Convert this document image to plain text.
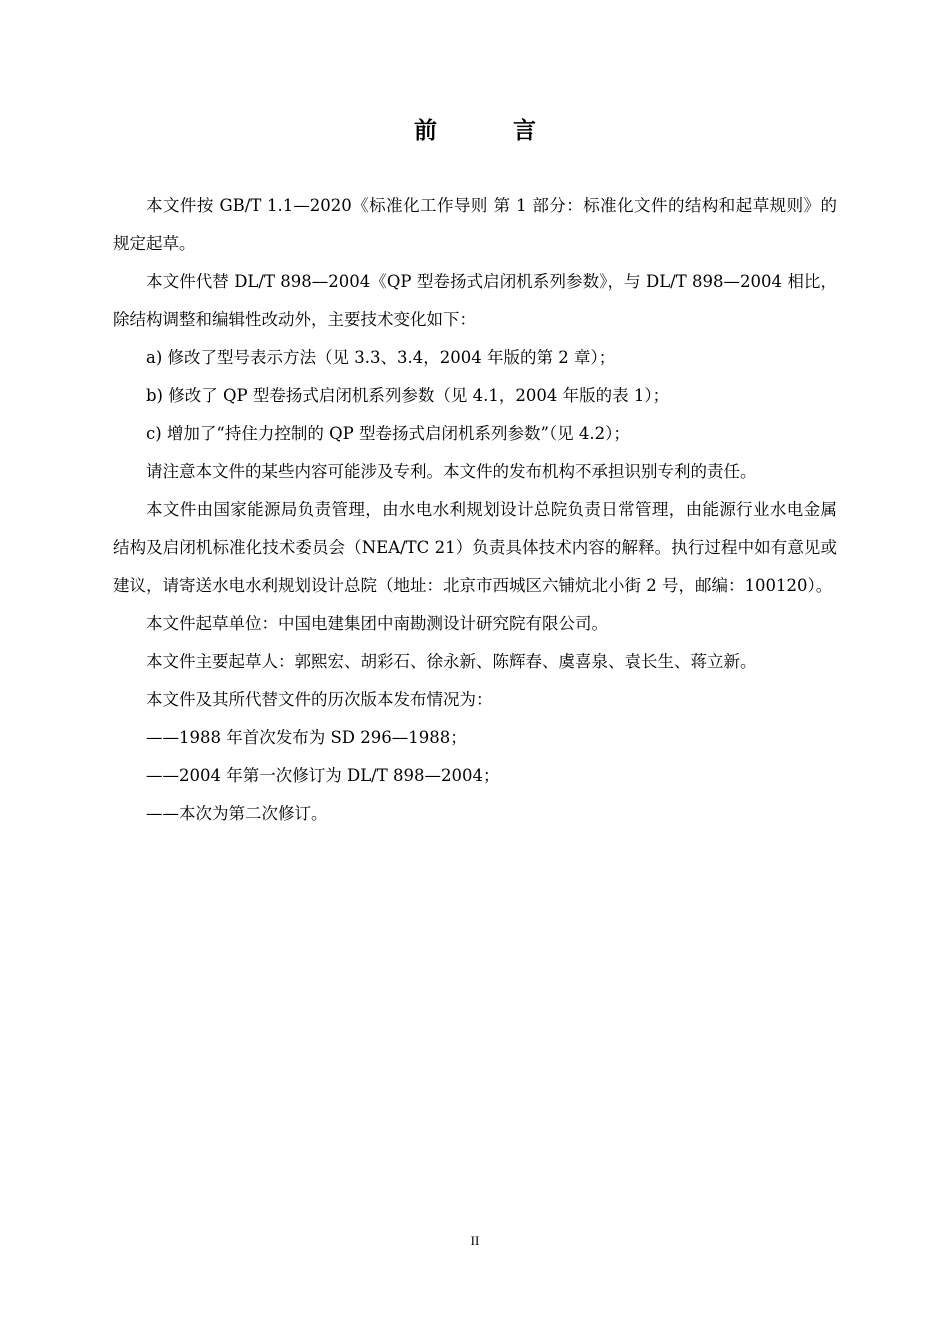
前 言

本文件按 GB/T 1.1—2020《标准化工作导则 第 1 部分：标准化文件的结构和起草规则》的规定起草。

本文件代替 DL/T 898—2004《QP 型卷扬式启闭机系列参数》，与 DL/T 898—2004 相比，除结构调整和编辑性改动外，主要技术变化如下：

a) 修改了型号表示方法（见 3.3、3.4，2004 年版的第 2 章）；

b) 修改了 QP 型卷扬式启闭机系列参数（见 4.1，2004 年版的表 1）；

c) 增加了“持住力控制的 QP 型卷扬式启闭机系列参数”（见 4.2）；

请注意本文件的某些内容可能涉及专利。本文件的发布机构不承担识别专利的责任。

本文件由国家能源局负责管理，由水电水利规划设计总院负责日常管理，由能源行业水电金属结构及启闭机标准化技术委员会（NEA/TC 21）负责具体技术内容的解释。执行过程中如有意见或建议，请寄送水电水利规划设计总院（地址：北京市西城区六铺炕北小街 2 号，邮编：100120）。

本文件起草单位：中国电建集团中南勘测设计研究院有限公司。

本文件主要起草人：郭熙宏、胡彩石、徐永新、陈辉春、虞喜泉、袁长生、蒋立新。

本文件及其所代替文件的历次版本发布情况为：

——1988 年首次发布为 SD 296—1988；

——2004 年第一次修订为 DL/T 898—2004；

——本次为第二次修订。

II
